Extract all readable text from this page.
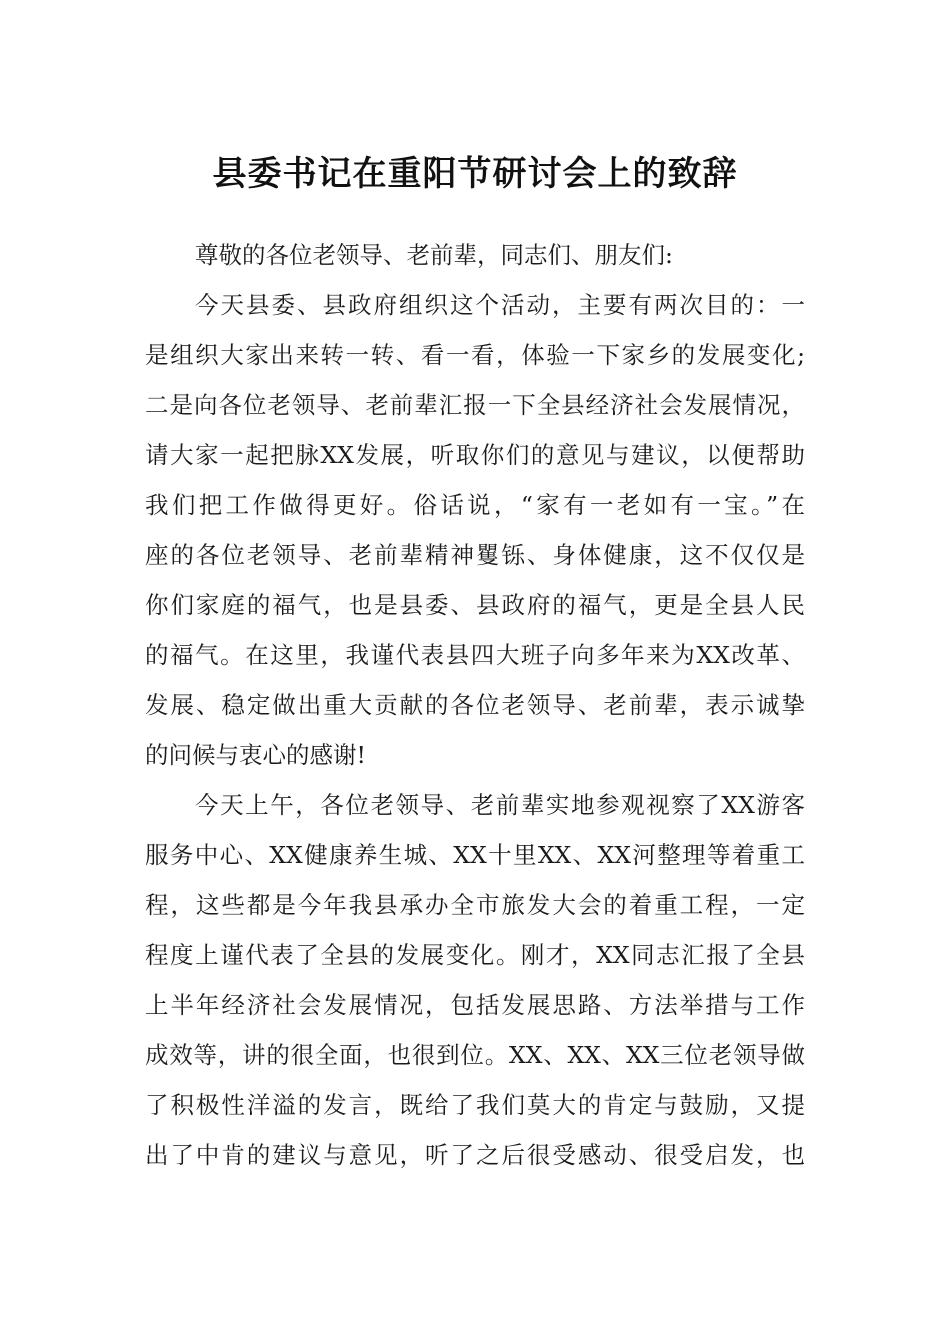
县委书记在重阳节研讨会上的致辞
尊敬的各位老领导、老前辈，同志们、朋友们:
今天县委、县政府组织这个活动，主要有两次目的：一
是组织大家出来转一转、看一看，体验一下家乡的发展变化;
二是向各位老领导、老前辈汇报一下全县经济社会发展情况，
请大家一起把脉XX发展，听取你们的意见与建议，以便帮助
我们把工作做得更好。俗话说，“家有一老如有一宝。”在
座的各位老领导、老前辈精神矍铄、身体健康，这不仅仅是
你们家庭的福气，也是县委、县政府的福气，更是全县人民
的福气。在这里，我谨代表县四大班子向多年来为XX改革、
发展、稳定做出重大贡献的各位老领导、老前辈，表示诚挚
的问候与衷心的感谢!
今天上午，各位老领导、老前辈实地参观视察了XX游客
服务中心、XX健康养生城、XX十里XX、XX河整理等着重工
程，这些都是今年我县承办全市旅发大会的着重工程，一定
程度上谨代表了全县的发展变化。刚才，XX同志汇报了全县
上半年经济社会发展情况，包括发展思路、方法举措与工作
成效等，讲的很全面，也很到位。XX、XX、XX三位老领导做
了积极性洋溢的发言，既给了我们莫大的肯定与鼓励，又提
出了中肯的建议与意见，听了之后很受感动、很受启发，也
